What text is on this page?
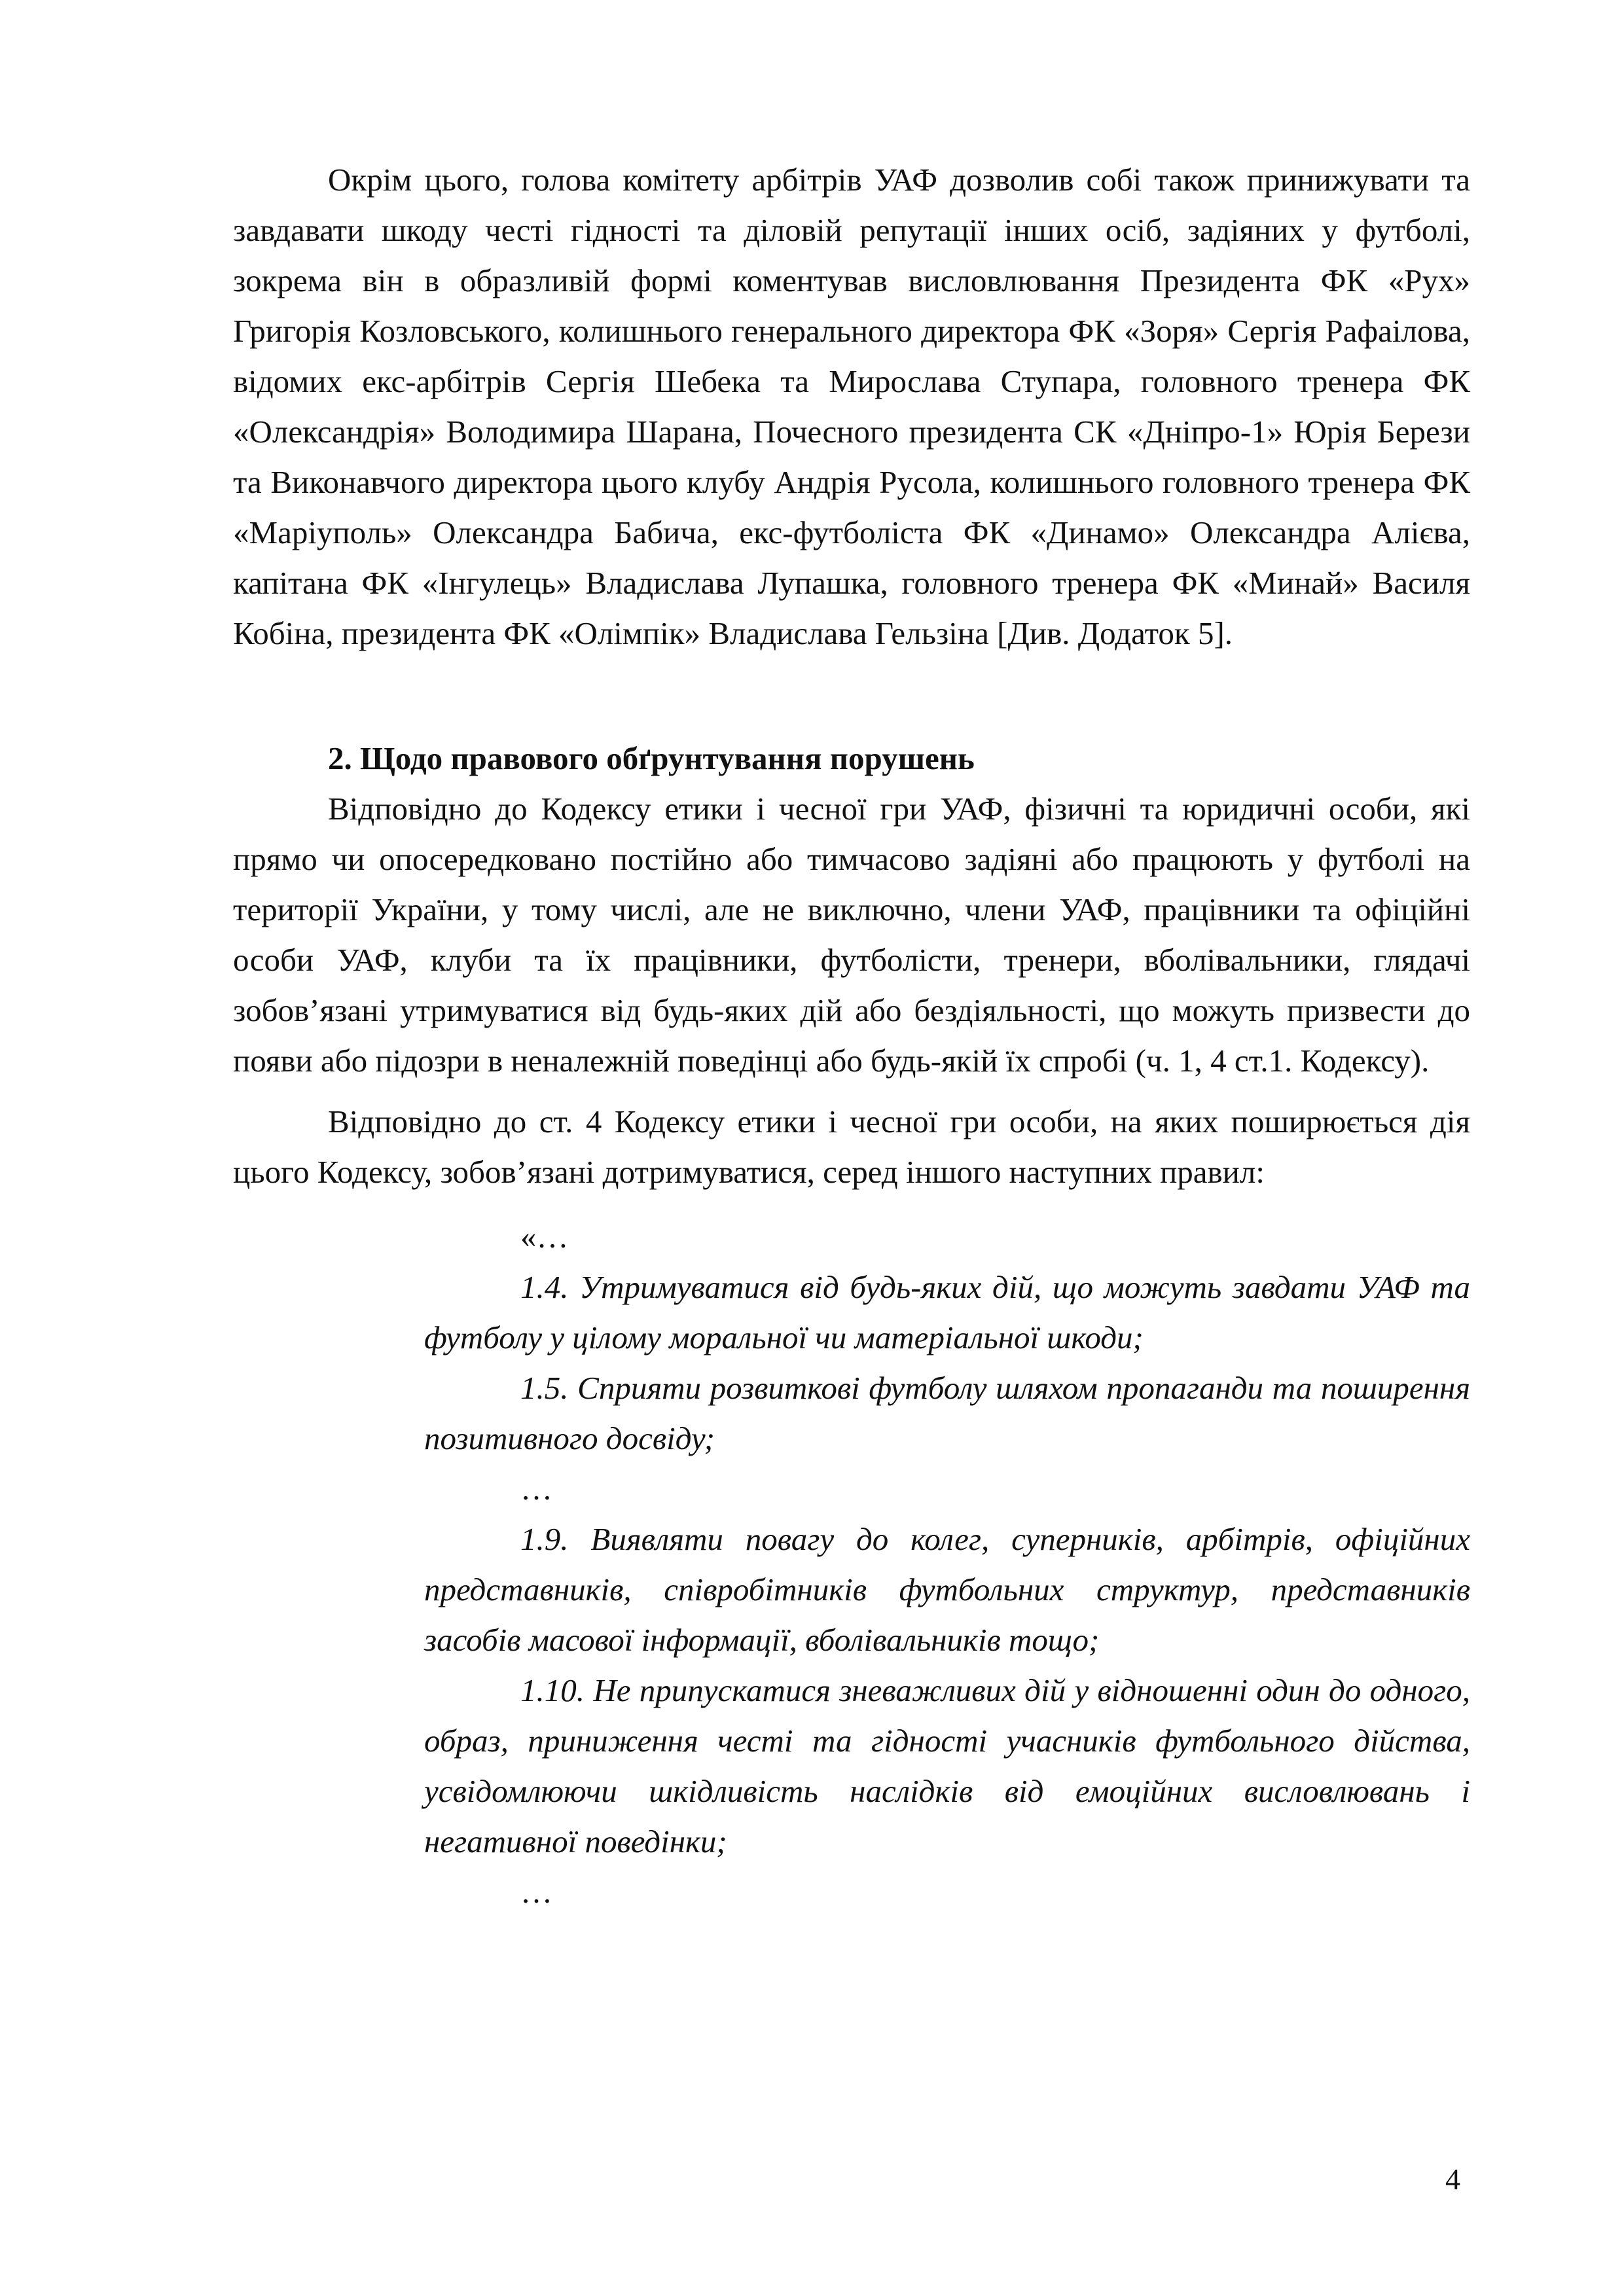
Окрім цього, голова комітету арбітрів УАФ дозволив собі також принижувати та завдавати шкоду честі гідності та діловій репутації інших осіб, задіяних у футболі, зокрема він в образливій формі коментував висловлювання Президента ФК «Рух» Григорія Козловського, колишнього генерального директора ФК «Зоря» Сергія Рафаілова, відомих екс-арбітрів Сергія Шебека та Мирослава Ступара, головного тренера ФК «Олександрія» Володимира Шарана, Почесного президента СК «Дніпро-1» Юрія Берези та Виконавчого директора цього клубу Андрія Русола, колишнього головного тренера ФК «Маріуполь» Олександра Бабича, екс-футболіста ФК «Динамо» Олександра Алієва, капітана ФК «Інгулець» Владислава Лупашка, головного тренера ФК «Минай» Василя Кобіна, президента ФК «Олімпік» Владислава Гельзіна [Див. Додаток 5].

2. Щодо правового обґрунтування порушень

Відповідно до Кодексу етики і чесної гри УАФ, фізичні та юридичні особи, які прямо чи опосередковано постійно або тимчасово задіяні або працюють у футболі на території України, у тому числі, але не виключно, члени УАФ, працівники та офіційні особи УАФ, клуби та їх працівники, футболісти, тренери, вболівальники, глядачі зобов’язані утримуватися від будь-яких дій або бездіяльності, що можуть призвести до появи або підозри в неналежній поведінці або будь-якій їх спробі (ч. 1, 4 ст.1. Кодексу).

Відповідно до ст. 4 Кодексу етики і чесної гри особи, на яких поширюється дія цього Кодексу, зобов’язані дотримуватися, серед іншого наступних правил:

«…

1.4. Утримуватися від будь-яких дій, що можуть завдати УАФ та футболу у цілому моральної чи матеріальної шкоди;

1.5. Сприяти розвиткові футболу шляхом пропаганди та поширення позитивного досвіду;

…

1.9. Виявляти повагу до колег, суперників, арбітрів, офіційних представників, співробітників футбольних структур, представників засобів масової інформації, вболівальників тощо;

1.10. Не припускатися зневажливих дій у відношенні один до одного, образ, приниження честі та гідності учасників футбольного дійства, усвідомлюючи шкідливість наслідків від емоційних висловлювань і негативної поведінки;

…

4
